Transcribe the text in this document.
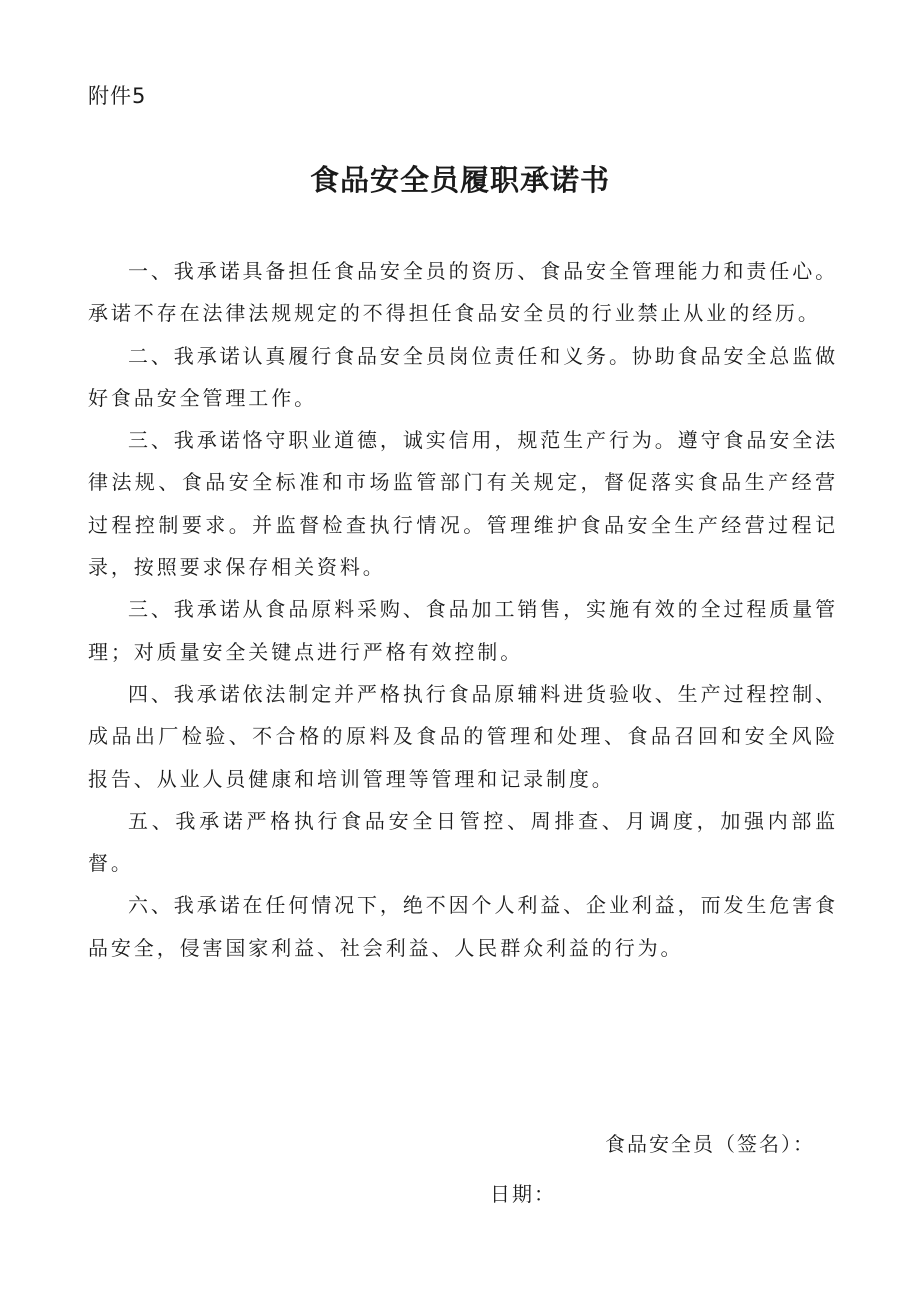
附件5
食品安全员履职承诺书

一、我承诺具备担任食品安全员的资历、食品安全管理能力和责任心。承诺不存在法律法规规定的不得担任食品安全员的行业禁止从业的经历。

二、我承诺认真履行食品安全员岗位责任和义务。协助食品安全总监做好食品安全管理工作。

三、我承诺恪守职业道德，诚实信用，规范生产行为。遵守食品安全法律法规、食品安全标准和市场监管部门有关规定，督促落实食品生产经营过程控制要求。并监督检查执行情况。管理维护食品安全生产经营过程记录，按照要求保存相关资料。

三、我承诺从食品原料采购、食品加工销售，实施有效的全过程质量管理；对质量安全关键点进行严格有效控制。

四、我承诺依法制定并严格执行食品原辅料进货验收、生产过程控制、成品出厂检验、不合格的原料及食品的管理和处理、食品召回和安全风险报告、从业人员健康和培训管理等管理和记录制度。

五、我承诺严格执行食品安全日管控、周排查、月调度，加强内部监督。

六、我承诺在任何情况下，绝不因个人利益、企业利益，而发生危害食品安全，侵害国家利益、社会利益、人民群众利益的行为。

食品安全员（签名）：
日期：
